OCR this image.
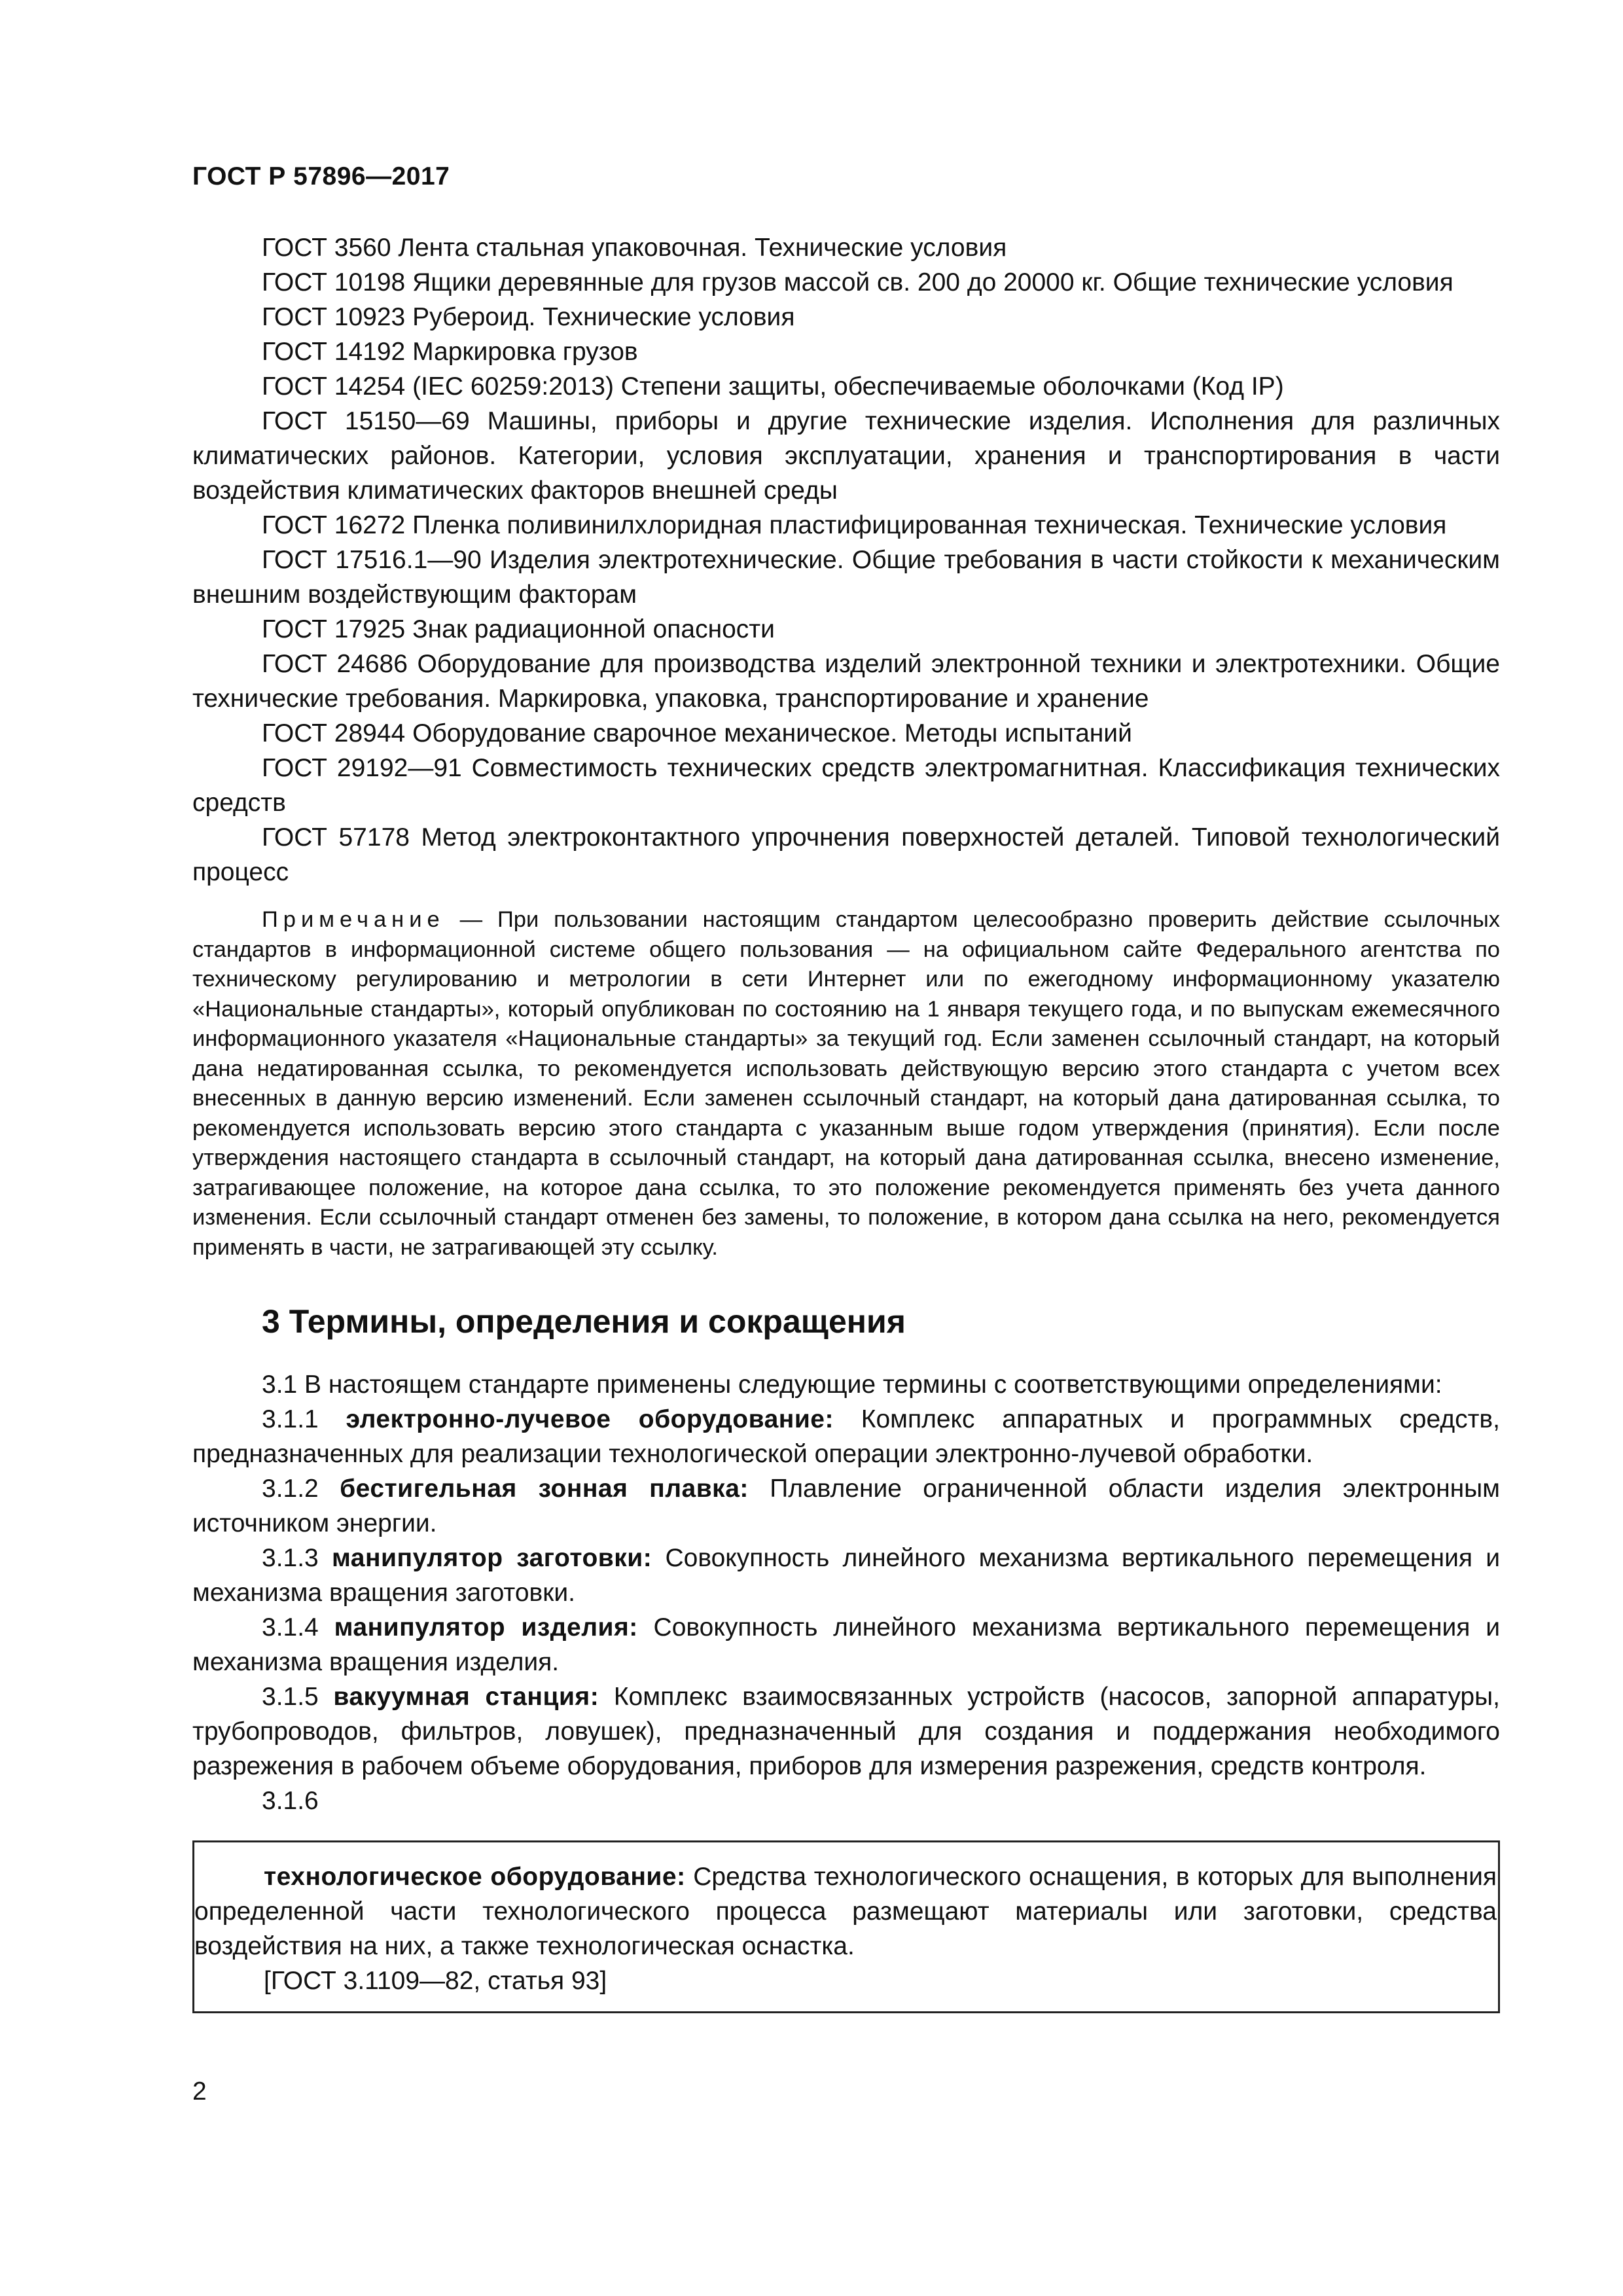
ГОСТ Р 57896—2017

ГОСТ 3560 Лента стальная упаковочная. Технические условия

ГОСТ 10198 Ящики деревянные для грузов массой св. 200 до 20000 кг. Общие технические условия

ГОСТ 10923 Рубероид. Технические условия

ГОСТ 14192 Маркировка грузов

ГОСТ 14254 (IEC 60259:2013) Степени защиты, обеспечиваемые оболочками (Код IP)

ГОСТ 15150—69 Машины, приборы и другие технические изделия. Исполнения для различных климатических районов. Категории, условия эксплуатации, хранения и транспортирования в части воздействия климатических факторов внешней среды

ГОСТ 16272 Пленка поливинилхлоридная пластифицированная техническая. Технические условия

ГОСТ 17516.1—90 Изделия электротехнические. Общие требования в части стойкости к механическим внешним воздействующим факторам

ГОСТ 17925 Знак радиационной опасности

ГОСТ 24686 Оборудование для производства изделий электронной техники и электротехники. Общие технические требования. Маркировка, упаковка, транспортирование и хранение

ГОСТ 28944 Оборудование сварочное механическое. Методы испытаний

ГОСТ 29192—91 Совместимость технических средств электромагнитная. Классификация технических средств

ГОСТ 57178 Метод электроконтактного упрочнения поверхностей деталей. Типовой технологический процесс

Примечание — При пользовании настоящим стандартом целесообразно проверить действие ссылочных стандартов в информационной системе общего пользования — на официальном сайте Федерального агентства по техническому регулированию и метрологии в сети Интернет или по ежегодному информационному указателю «Национальные стандарты», который опубликован по состоянию на 1 января текущего года, и по выпускам ежемесячного информационного указателя «Национальные стандарты» за текущий год. Если заменен ссылочный стандарт, на который дана недатированная ссылка, то рекомендуется использовать действующую версию этого стандарта с учетом всех внесенных в данную версию изменений. Если заменен ссылочный стандарт, на который дана датированная ссылка, то рекомендуется использовать версию этого стандарта с указанным выше годом утверждения (принятия). Если после утверждения настоящего стандарта в ссылочный стандарт, на который дана датированная ссылка, внесено изменение, затрагивающее положение, на которое дана ссылка, то это положение рекомендуется применять без учета данного изменения. Если ссылочный стандарт отменен без замены, то положение, в котором дана ссылка на него, рекомендуется применять в части, не затрагивающей эту ссылку.

3 Термины, определения и сокращения

3.1 В настоящем стандарте применены следующие термины с соответствующими определениями:

3.1.1 электронно-лучевое оборудование: Комплекс аппаратных и программных средств, предназначенных для реализации технологической операции электронно-лучевой обработки.

3.1.2 бестигельная зонная плавка: Плавление ограниченной области изделия электронным источником энергии.

3.1.3 манипулятор заготовки: Совокупность линейного механизма вертикального перемещения и механизма вращения заготовки.

3.1.4 манипулятор изделия: Совокупность линейного механизма вертикального перемещения и механизма вращения изделия.

3.1.5 вакуумная станция: Комплекс взаимосвязанных устройств (насосов, запорной аппаратуры, трубопроводов, фильтров, ловушек), предназначенный для создания и поддержания необходимого разрежения в рабочем объеме оборудования, приборов для измерения разрежения, средств контроля.

3.1.6

технологическое оборудование: Средства технологического оснащения, в которых для выполнения определенной части технологического процесса размещают материалы или заготовки, средства воздействия на них, а также технологическая оснастка.

[ГОСТ 3.1109—82, статья 93]

2
